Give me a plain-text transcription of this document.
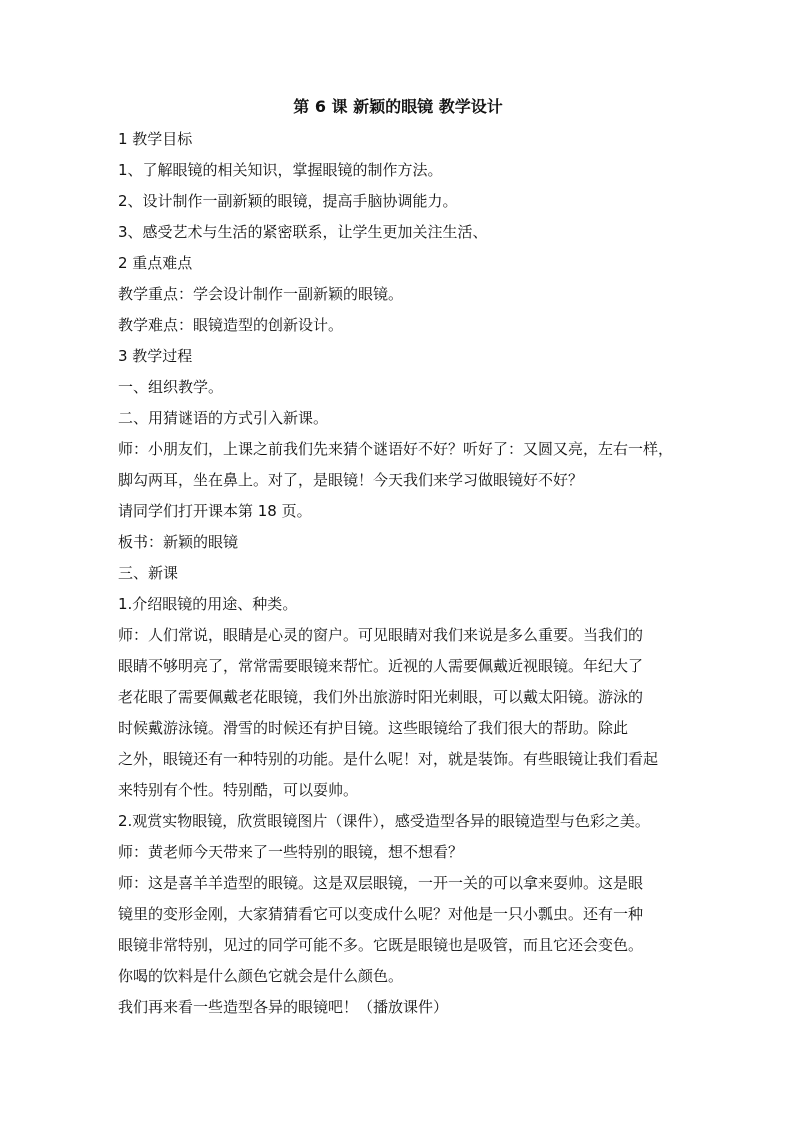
第 6 课 新颖的眼镜 教学设计
1 教学目标
1、了解眼镜的相关知识，掌握眼镜的制作方法。
2、设计制作一副新颖的眼镜，提高手脑协调能力。
3、感受艺术与生活的紧密联系，让学生更加关注生活、
2 重点难点
教学重点：学会设计制作一副新颖的眼镜。
教学难点：眼镜造型的创新设计。
3 教学过程
一、组织教学。
二、用猜谜语的方式引入新课。
师：小朋友们，上课之前我们先来猜个谜语好不好？听好了：又圆又亮，左右一样，
脚勾两耳，坐在鼻上。对了，是眼镜！今天我们来学习做眼镜好不好？
请同学们打开课本第 18 页。
板书：新颖的眼镜
三、新课
1.介绍眼镜的用途、种类。
师：人们常说，眼睛是心灵的窗户。可见眼睛对我们来说是多么重要。当我们的
眼睛不够明亮了，常常需要眼镜来帮忙。近视的人需要佩戴近视眼镜。年纪大了
老花眼了需要佩戴老花眼镜，我们外出旅游时阳光刺眼，可以戴太阳镜。游泳的
时候戴游泳镜。滑雪的时候还有护目镜。这些眼镜给了我们很大的帮助。除此
之外，眼镜还有一种特别的功能。是什么呢！对，就是装饰。有些眼镜让我们看起
来特别有个性。特别酷，可以耍帅。
2.观赏实物眼镜，欣赏眼镜图片（课件），感受造型各异的眼镜造型与色彩之美。
师：黄老师今天带来了一些特别的眼镜，想不想看？
师：这是喜羊羊造型的眼镜。这是双层眼镜，一开一关的可以拿来耍帅。这是眼
镜里的变形金刚，大家猜猜看它可以变成什么呢？对他是一只小瓢虫。还有一种
眼镜非常特别，见过的同学可能不多。它既是眼镜也是吸管，而且它还会变色。
你喝的饮料是什么颜色它就会是什么颜色。
我们再来看一些造型各异的眼镜吧！（播放课件）
